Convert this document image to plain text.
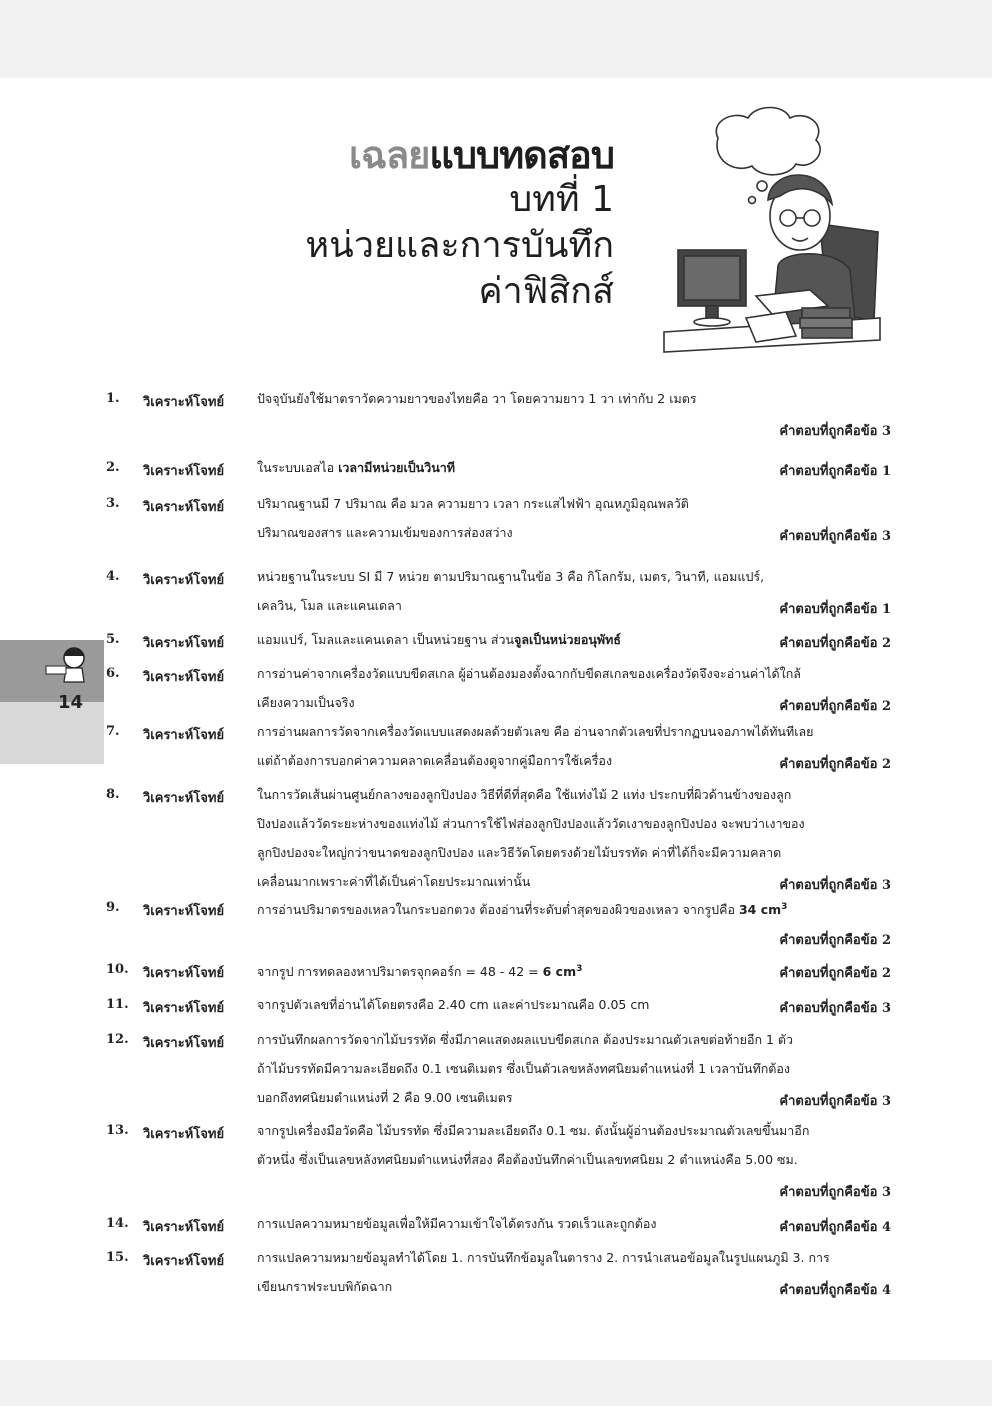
เฉลยแบบทดสอบ
บทที่ 1
หน่วยและการบันทึก
ค่าฟิสิกส์
14
1. วิเคราะห์โจทย์	ปัจจุบันยังใช้มาตราวัดความยาวของไทยคือ วา โดยความยาว 1 วา เท่ากับ 2 เมตร
คำตอบที่ถูกคือข้อ 3
2. วิเคราะห์โจทย์	ในระบบเอสไอ เวลามีหน่วยเป็นวินาที	คำตอบที่ถูกคือข้อ 1
3. วิเคราะห์โจทย์	ปริมาณฐานมี 7 ปริมาณ คือ มวล ความยาว เวลา กระแสไฟฟ้า อุณหภูมิอุณพลวัติ
ปริมาณของสาร และความเข้มของการส่องสว่าง	คำตอบที่ถูกคือข้อ 3
4. วิเคราะห์โจทย์	หน่วยฐานในระบบ SI มี 7 หน่วย ตามปริมาณฐานในข้อ 3 คือ กิโลกรัม, เมตร, วินาที, แอมแปร์,
เคลวิน, โมล และแคนเดลา	คำตอบที่ถูกคือข้อ 1
5. วิเคราะห์โจทย์	แอมแปร์, โมลและแคนเดลา เป็นหน่วยฐาน ส่วนจูลเป็นหน่วยอนุพัทธ์	คำตอบที่ถูกคือข้อ 2
6. วิเคราะห์โจทย์	การอ่านค่าจากเครื่องวัดแบบขีดสเกล ผู้อ่านต้องมองตั้งฉากกับขีดสเกลของเครื่องวัดจึงจะอ่านค่าได้ใกล้
เคียงความเป็นจริง	คำตอบที่ถูกคือข้อ 2
7. วิเคราะห์โจทย์	การอ่านผลการวัดจากเครื่องวัดแบบแสดงผลด้วยตัวเลข คือ อ่านจากตัวเลขที่ปรากฏบนจอภาพได้ทันทีเลย
แต่ถ้าต้องการบอกค่าความคลาดเคลื่อนต้องดูจากคู่มือการใช้เครื่อง	คำตอบที่ถูกคือข้อ 2
8. วิเคราะห์โจทย์	ในการวัดเส้นผ่านศูนย์กลางของลูกปิงปอง วิธีที่ดีที่สุดคือ ใช้แท่งไม้ 2 แท่ง ประกบที่ผิวด้านข้างของลูก
ปิงปองแล้ววัดระยะห่างของแท่งไม้ ส่วนการใช้ไฟส่องลูกปิงปองแล้ววัดเงาของลูกปิงปอง จะพบว่าเงาของ
ลูกปิงปองจะใหญ่กว่าขนาดของลูกปิงปอง และวิธีวัดโดยตรงด้วยไม้บรรทัด ค่าที่ได้ก็จะมีความคลาด
เคลื่อนมากเพราะค่าที่ได้เป็นค่าโดยประมาณเท่านั้น	คำตอบที่ถูกคือข้อ 3
9. วิเคราะห์โจทย์	การอ่านปริมาตรของเหลวในกระบอกตวง ต้องอ่านที่ระดับต่ำสุดของผิวของเหลว จากรูปคือ 34 $cm^3$
คำตอบที่ถูกคือข้อ 2
10. วิเคราะห์โจทย์	จากรูป การทดลองหาปริมาตรจุกคอร์ก = 48 - 42 = 6 $cm^3$	คำตอบที่ถูกคือข้อ 2
11. วิเคราะห์โจทย์	จากรูปตัวเลขที่อ่านได้โดยตรงคือ 2.40 cm และค่าประมาณคือ 0.05 cm	คำตอบที่ถูกคือข้อ 3
12. วิเคราะห์โจทย์	การบันทึกผลการวัดจากไม้บรรทัด ซึ่งมีภาคแสดงผลแบบขีดสเกล ต้องประมาณตัวเลขต่อท้ายอีก 1 ตัว
ถ้าไม้บรรทัดมีความละเอียดถึง 0.1 เซนติเมตร ซึ่งเป็นตัวเลขหลังทศนิยมตำแหน่งที่ 1 เวลาบันทึกต้อง
บอกถึงทศนิยมตำแหน่งที่ 2 คือ 9.00 เซนติเมตร	คำตอบที่ถูกคือข้อ 3
13. วิเคราะห์โจทย์	จากรูปเครื่องมือวัดคือ ไม้บรรทัด ซึ่งมีความละเอียดถึง 0.1 ซม. ดังนั้นผู้อ่านต้องประมาณตัวเลขขึ้นมาอีก
ตัวหนึ่ง ซึ่งเป็นเลขหลังทศนิยมตำแหน่งที่สอง คือต้องบันทึกค่าเป็นเลขทศนิยม 2 ตำแหน่งคือ 5.00 ซม.
คำตอบที่ถูกคือข้อ 3
14. วิเคราะห์โจทย์	การแปลความหมายข้อมูลเพื่อให้มีความเข้าใจได้ตรงกัน รวดเร็วและถูกต้อง	คำตอบที่ถูกคือข้อ 4
15. วิเคราะห์โจทย์	การแปลความหมายข้อมูลทำได้โดย 1. การบันทึกข้อมูลในตาราง 2. การนำเสนอข้อมูลในรูปแผนภูมิ 3. การ
เขียนกราฟระบบพิกัดฉาก	คำตอบที่ถูกคือข้อ 4
